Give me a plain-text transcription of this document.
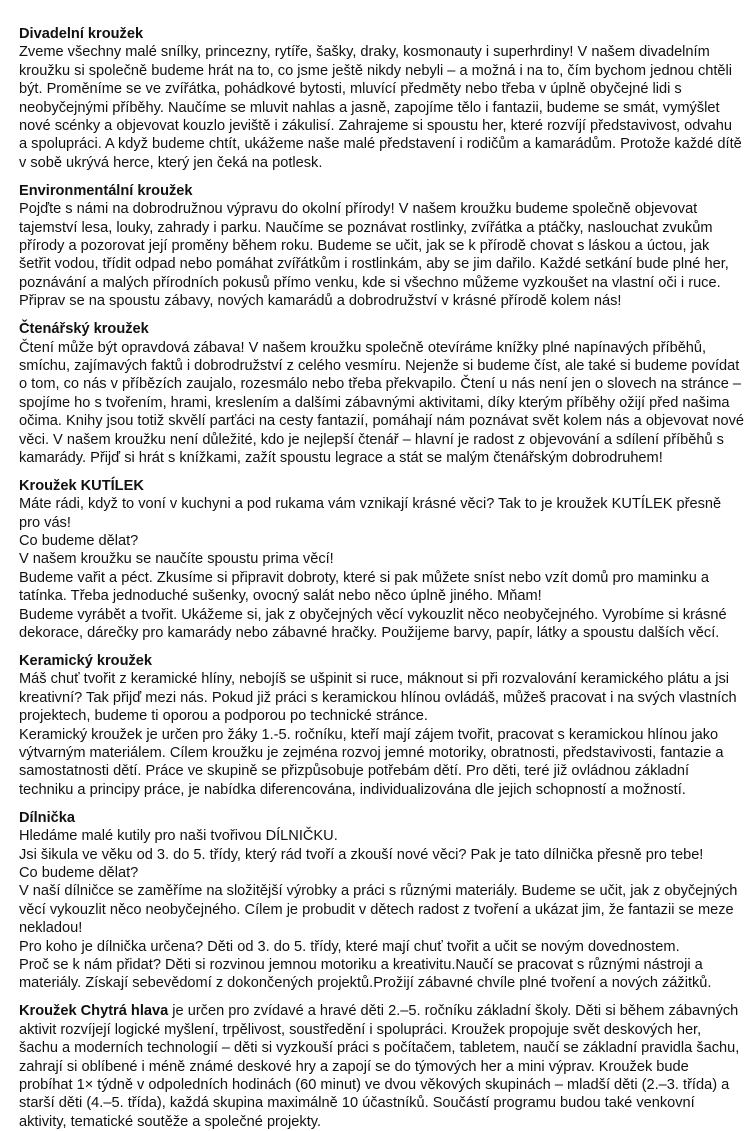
Divadelní kroužek
Zveme všechny malé snílky, princezny, rytíře, šašky, draky, kosmonauty i superhrdiny! V našem divadelním kroužku si společně budeme hrát na to, co jsme ještě nikdy nebyli – a možná i na to, čím bychom jednou chtěli být. Proměníme se ve zvířátka, pohádkové bytosti, mluvící předměty nebo třeba v úplně obyčejné lidi s neobyčejnými příběhy. Naučíme se mluvit nahlas a jasně, zapojíme tělo i fantazii, budeme se smát, vymýšlet nové scénky a objevovat kouzlo jeviště i zákulisí. Zahrajeme si spoustu her, které rozvíjí představivost, odvahu a spolupráci. A když budeme chtít, ukážeme naše malé představení i rodičům a kamarádům. Protože každé dítě v sobě ukrývá herce, který jen čeká na potlesk.
Environmentální kroužek
Pojďte s námi na dobrodružnou výpravu do okolní přírody! V našem kroužku budeme společně objevovat tajemství lesa, louky, zahrady i parku. Naučíme se poznávat rostlinky, zvířátka a ptáčky, naslouchat zvukům přírody a pozorovat její proměny během roku. Budeme se učit, jak se k přírodě chovat s láskou a úctou, jak šetřit vodou, třídit odpad nebo pomáhat zvířátkům i rostlinkám, aby se jim dařilo. Každé setkání bude plné her, poznávání a malých přírodních pokusů přímo venku, kde si všechno můžeme vyzkoušet na vlastní oči i ruce. Připrav se na spoustu zábavy, nových kamarádů a dobrodružství v krásné přírodě kolem nás!
Čtenářský kroužek
Čtení může být opravdová zábava! V našem kroužku společně otevíráme knížky plné napínavých příběhů, smíchu, zajímavých faktů i dobrodružství z celého vesmíru. Nejenže si budeme číst, ale také si budeme povídat o tom, co nás v příbězích zaujalo, rozesmálo nebo třeba překvapilo. Čtení u nás není jen o slovech na stránce – spojíme ho s tvořením, hrami, kreslením a dalšími zábavnými aktivitami, díky kterým příběhy ožijí před našima očima. Knihy jsou totiž skvělí parťáci na cesty fantazií, pomáhají nám poznávat svět kolem nás a objevovat nové věci. V našem kroužku není důležité, kdo je nejlepší čtenář – hlavní je radost z objevování a sdílení příběhů s kamarády. Přijď si hrát s knížkami, zažít spoustu legrace a stát se malým čtenářským dobrodruhem!
Kroužek KUTÍLEK
Máte rádi, když to voní v kuchyni a pod rukama vám vznikají krásné věci? Tak to je kroužek KUTÍLEK přesně pro vás!
Co budeme dělat?
V našem kroužku se naučíte spoustu prima věcí!
Budeme vařit a péct. Zkusíme si připravit dobroty, které si pak můžete sníst nebo vzít domů pro maminku a tatínka. Třeba jednoduché sušenky, ovocný salát nebo něco úplně jiného. Mňam!
Budeme vyrábět a tvořit. Ukážeme si, jak z obyčejných věcí vykouzlit něco neobyčejného. Vyrobíme si krásné dekorace, dárečky pro kamarády nebo zábavné hračky. Použijeme barvy, papír, látky a spoustu dalších věcí.
Keramický kroužek
Máš chuť tvořit z keramické hlíny, nebojíš se ušpinit si ruce, máknout si při rozvalování keramického plátu a jsi kreativní? Tak přijď mezi nás. Pokud již práci s keramickou hlínou ovládáš, můžeš pracovat i na svých vlastních projektech, budeme ti oporou a podporou po technické stránce.
Keramický kroužek je určen pro žáky 1.-5. ročníku, kteří mají zájem tvořit, pracovat s keramickou hlínou jako výtvarným materiálem. Cílem kroužku je zejména rozvoj jemné motoriky, obratnosti, představivosti, fantazie a samostatnosti dětí. Práce ve skupině se přizpůsobuje potřebám dětí. Pro děti, teré již ovládnou základní techniku a principy práce, je nabídka diferencována, individualizována dle jejich schopností a možností.
Dílnička
Hledáme malé kutily pro naši tvořivou DÍLNIČKU.
Jsi šikula ve věku od 3. do 5. třídy, který rád tvoří a zkouší nové věci? Pak je tato dílnička přesně pro tebe!
Co budeme dělat?
V naší dílničce se zaměříme na složitější výrobky a práci s různými materiály. Budeme se učit, jak z obyčejných věcí vykouzlit něco neobyčejného. Cílem je probudit v dětech radost z tvoření a ukázat jim, že fantazii se meze nekladou!
Pro koho je dílnička určena? Děti od 3. do 5. třídy, které mají chuť tvořit a učit se novým dovednostem.
Proč se k nám přidat? Děti si rozvinou jemnou motoriku a kreativitu.Naučí se pracovat s různými nástroji a materiály. Získají sebevědomí z dokončených projektů.Prožijí zábavné chvíle plné tvoření a nových zážitků.
Kroužek Chytrá hlava je určen pro zvídavé a hravé děti 2.–5. ročníku základní školy. Děti si během zábavných aktivit rozvíjejí logické myšlení, trpělivost, soustředění i spolupráci. Kroužek propojuje svět deskových her, šachu a moderních technologií – děti si vyzkouší práci s počítačem, tabletem, naučí se základní pravidla šachu, zahrají si oblíbené i méně známé deskové hry a zapojí se do týmových her a mini výprav. Kroužek bude probíhat 1× týdně v odpoledních hodinách (60 minut) ve dvou věkových skupinách – mladší děti (2.–3. třída) a starší děti (4.–5. třída), každá skupina maximálně 10 účastníků. Součástí programu budou také venkovní aktivity, tematické soutěže a společné projekty.
